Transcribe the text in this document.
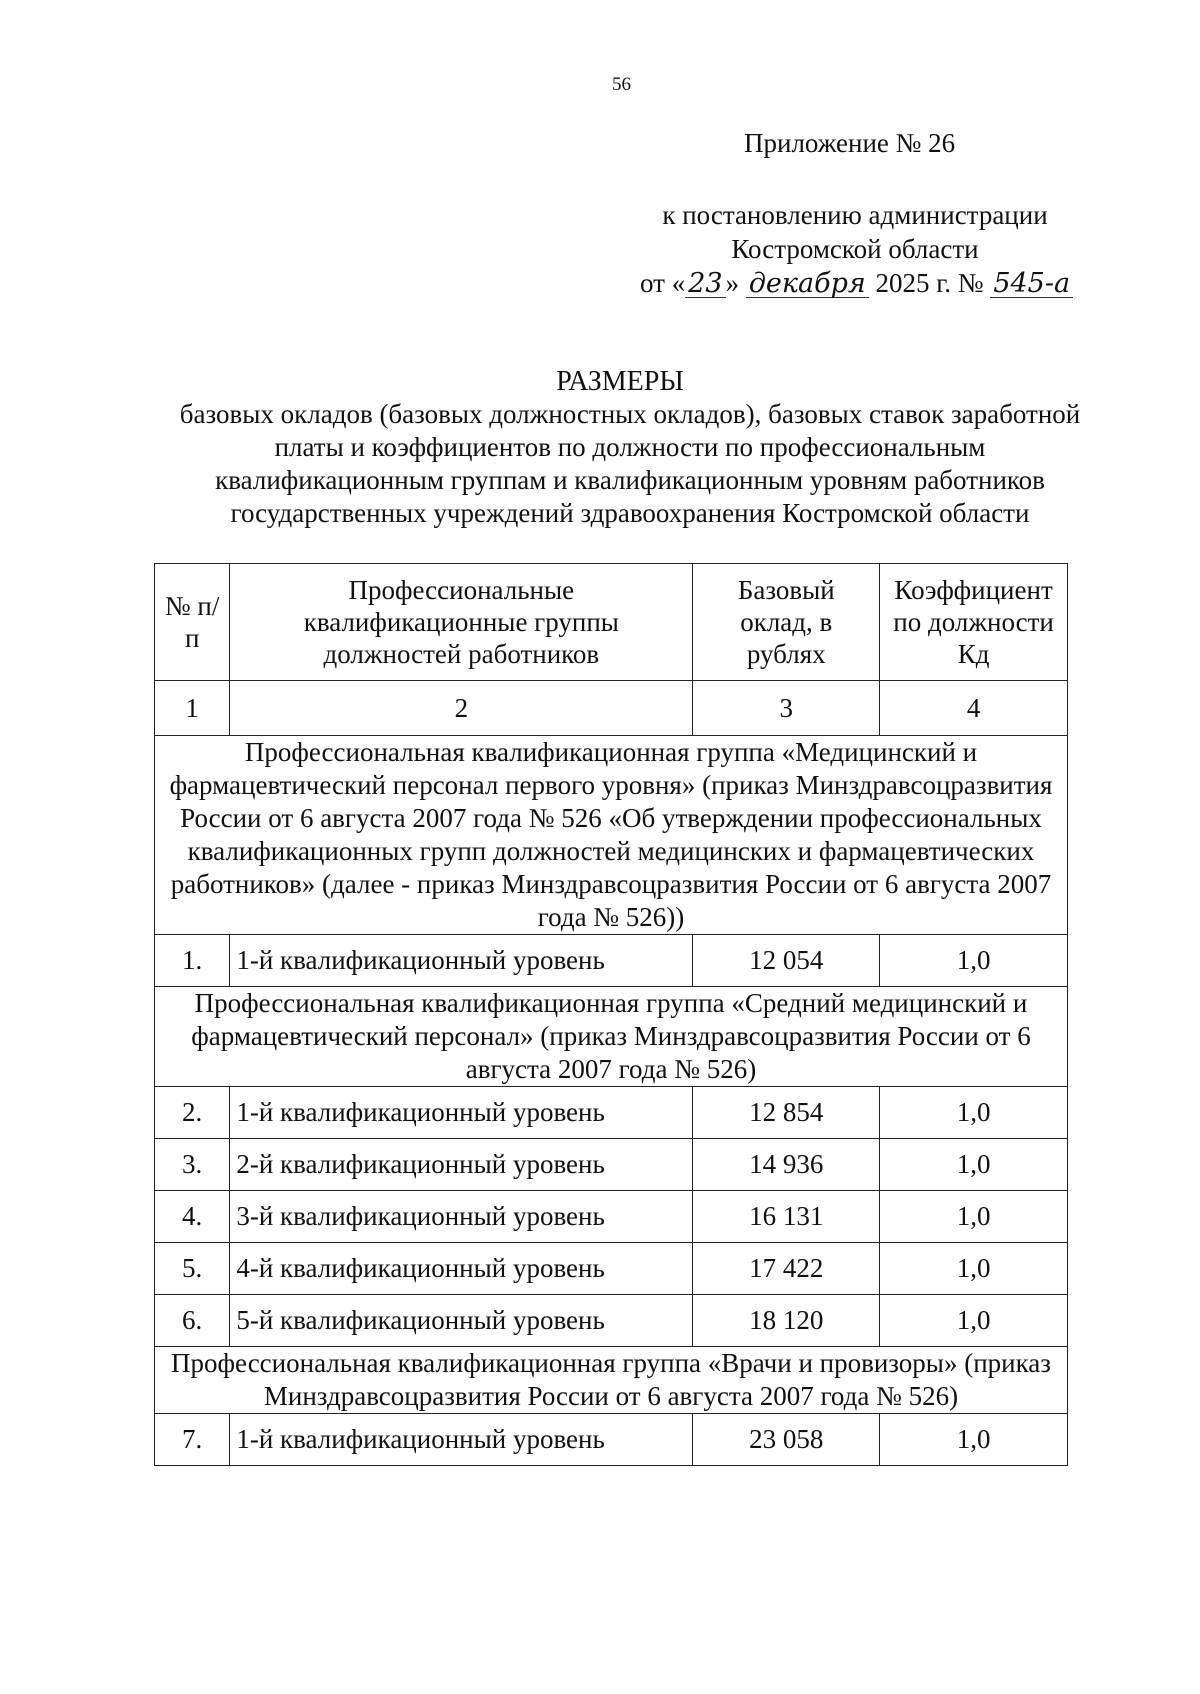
56
Приложение № 26
к постановлению администрации
Костромской области
от « 23 » декабря 2025 г. № 545-а
РАЗМЕРЫ
базовых окладов (базовых должностных окладов), базовых ставок заработной платы и коэффициентов по должности по профессиональным квалификационным группам и квалификационным уровням работников государственных учреждений здравоохранения Костромской области
№ п/п	Профессиональные квалификационные группы должностей работников	Базовый оклад, в рублях	Коэффициент по должности Кд
1	2	3	4
Профессиональная квалификационная группа «Медицинский и фармацевтический персонал первого уровня» (приказ Минздравсоцразвития России от 6 августа 2007 года № 526 «Об утверждении профессиональных квалификационных групп должностей медицинских и фармацевтических работников» (далее - приказ Минздравсоцразвития России от 6 августа 2007 года № 526))			
1.	1-й квалификационный уровень	12 054	1,0
Профессиональная квалификационная группа «Средний медицинский и фармацевтический персонал» (приказ Минздравсоцразвития России от 6 августа 2007 года № 526)			
2.	1-й квалификационный уровень	12 854	1,0
3.	2-й квалификационный уровень	14 936	1,0
4.	3-й квалификационный уровень	16 131	1,0
5.	4-й квалификационный уровень	17 422	1,0
6.	5-й квалификационный уровень	18 120	1,0
Профессиональная квалификационная группа «Врачи и провизоры» (приказ Минздравсоцразвития России от 6 августа 2007 года № 526)			
7.	1-й квалификационный уровень	23 058	1,0
